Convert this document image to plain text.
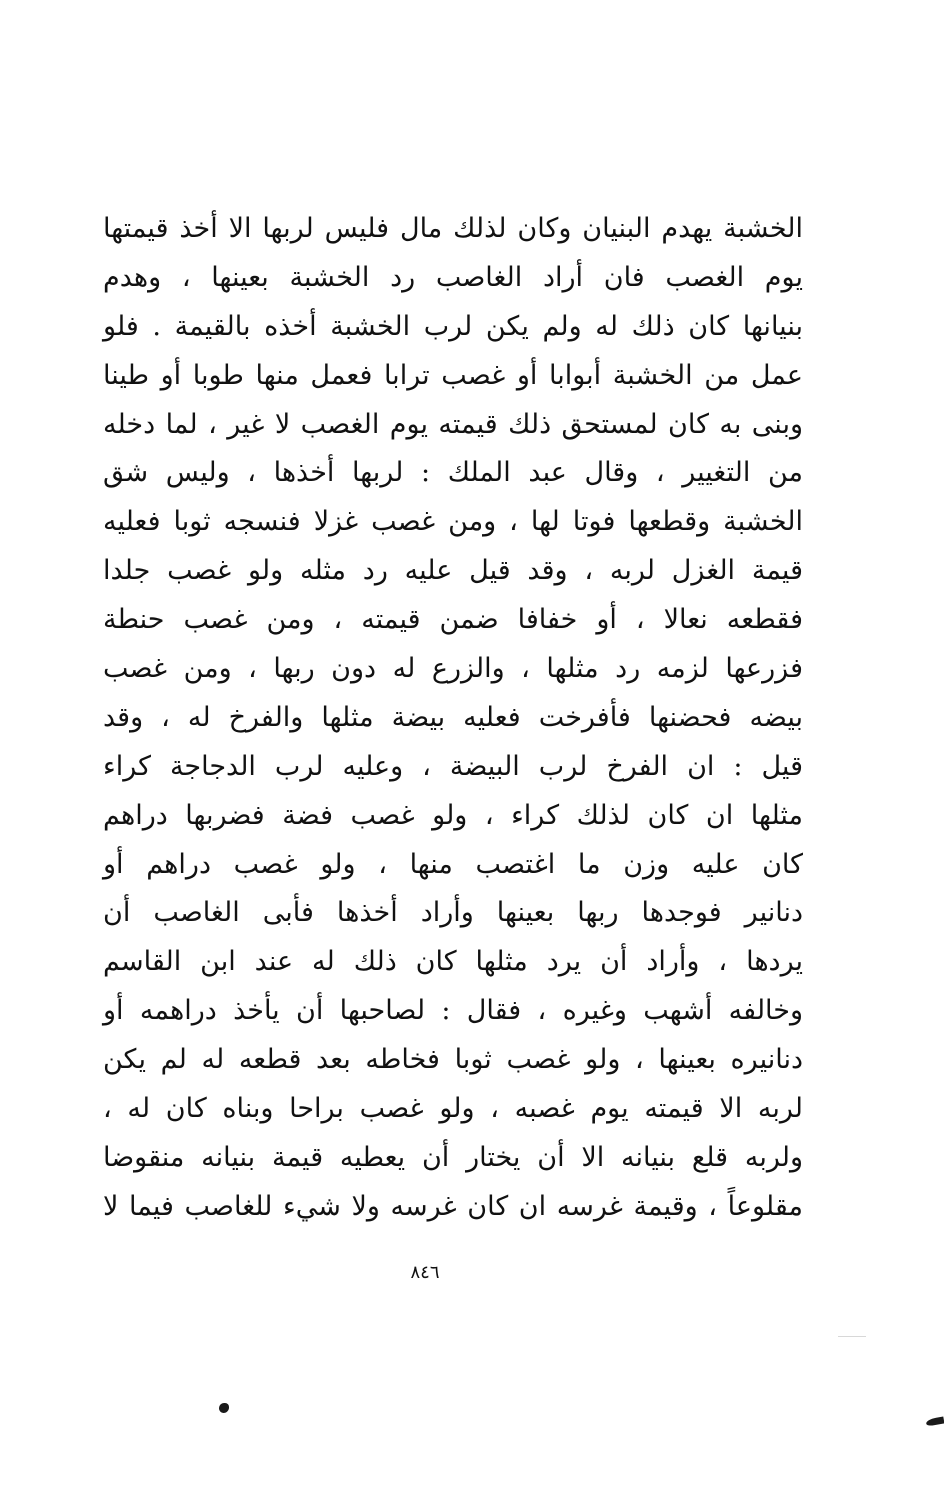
الخشبة يهدم البنيان وكان لذلك مال فليس لربها الا أخذ قيمتها
يوم الغصب فان أراد الغاصب رد الخشبة بعينها ، وهدم
بنيانها كان ذلك له ولم يكن لرب الخشبة أخذه بالقيمة . فلو
عمل من الخشبة أبوابا أو غصب ترابا فعمل منها طوبا أو طينا
وبنى به كان لمستحق ذلك قيمته يوم الغصب لا غير ، لما دخله
من التغيير ، وقال عبد الملك : لربها أخذها ، وليس شق
الخشبة وقطعها فوتا لها ، ومن غصب غزلا فنسجه ثوبا فعليه
قيمة الغزل لربه ، وقد قيل عليه رد مثله ولو غصب جلدا
فقطعه نعالا ، أو خفافا ضمن قيمته ، ومن غصب حنطة
فزرعها لزمه رد مثلها ، والزرع له دون ربها ، ومن غصب
بيضه فحضنها فأفرخت فعليه بيضة مثلها والفرخ له ، وقد
قيل : ان الفرخ لرب البيضة ، وعليه لرب الدجاجة كراء
مثلها ان كان لذلك كراء ، ولو غصب فضة فضربها دراهم
كان عليه وزن ما اغتصب منها ، ولو غصب دراهم أو
دنانير فوجدها ربها بعينها وأراد أخذها فأبى الغاصب أن
يردها ، وأراد أن يرد مثلها كان ذلك له عند ابن القاسم
وخالفه أشهب وغيره ، فقال : لصاحبها أن يأخذ دراهمه أو
دنانيره بعينها ، ولو غصب ثوبا فخاطه بعد قطعه له لم يكن
لربه الا قيمته يوم غصبه ، ولو غصب براحا وبناه كان له ،
ولربه قلع بنيانه الا أن يختار أن يعطيه قيمة بنيانه منقوضا
مقلوعاً ، وقيمة غرسه ان كان غرسه ولا شيء للغاصب فيما لا
٨٤٦
